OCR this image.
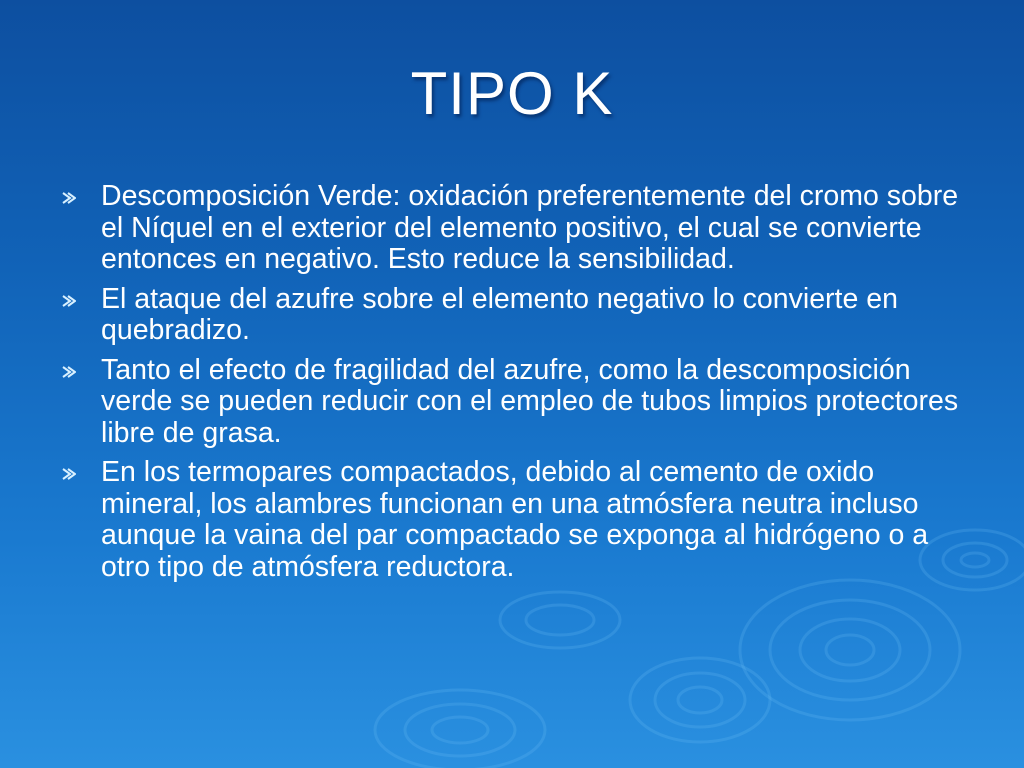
TIPO K
Descomposición Verde: oxidación preferentemente del cromo sobre el Níquel en el exterior del elemento positivo, el cual se convierte entonces en negativo. Esto reduce la sensibilidad.
El ataque del azufre sobre el elemento negativo lo convierte en quebradizo.
Tanto el efecto de fragilidad del azufre, como la descomposición verde se pueden reducir con el empleo de tubos limpios protectores libre de grasa.
En los termopares compactados, debido al cemento de oxido mineral, los alambres funcionan en una atmósfera neutra incluso aunque la vaina del par compactado se exponga al hidrógeno o a otro tipo de atmósfera reductora.
